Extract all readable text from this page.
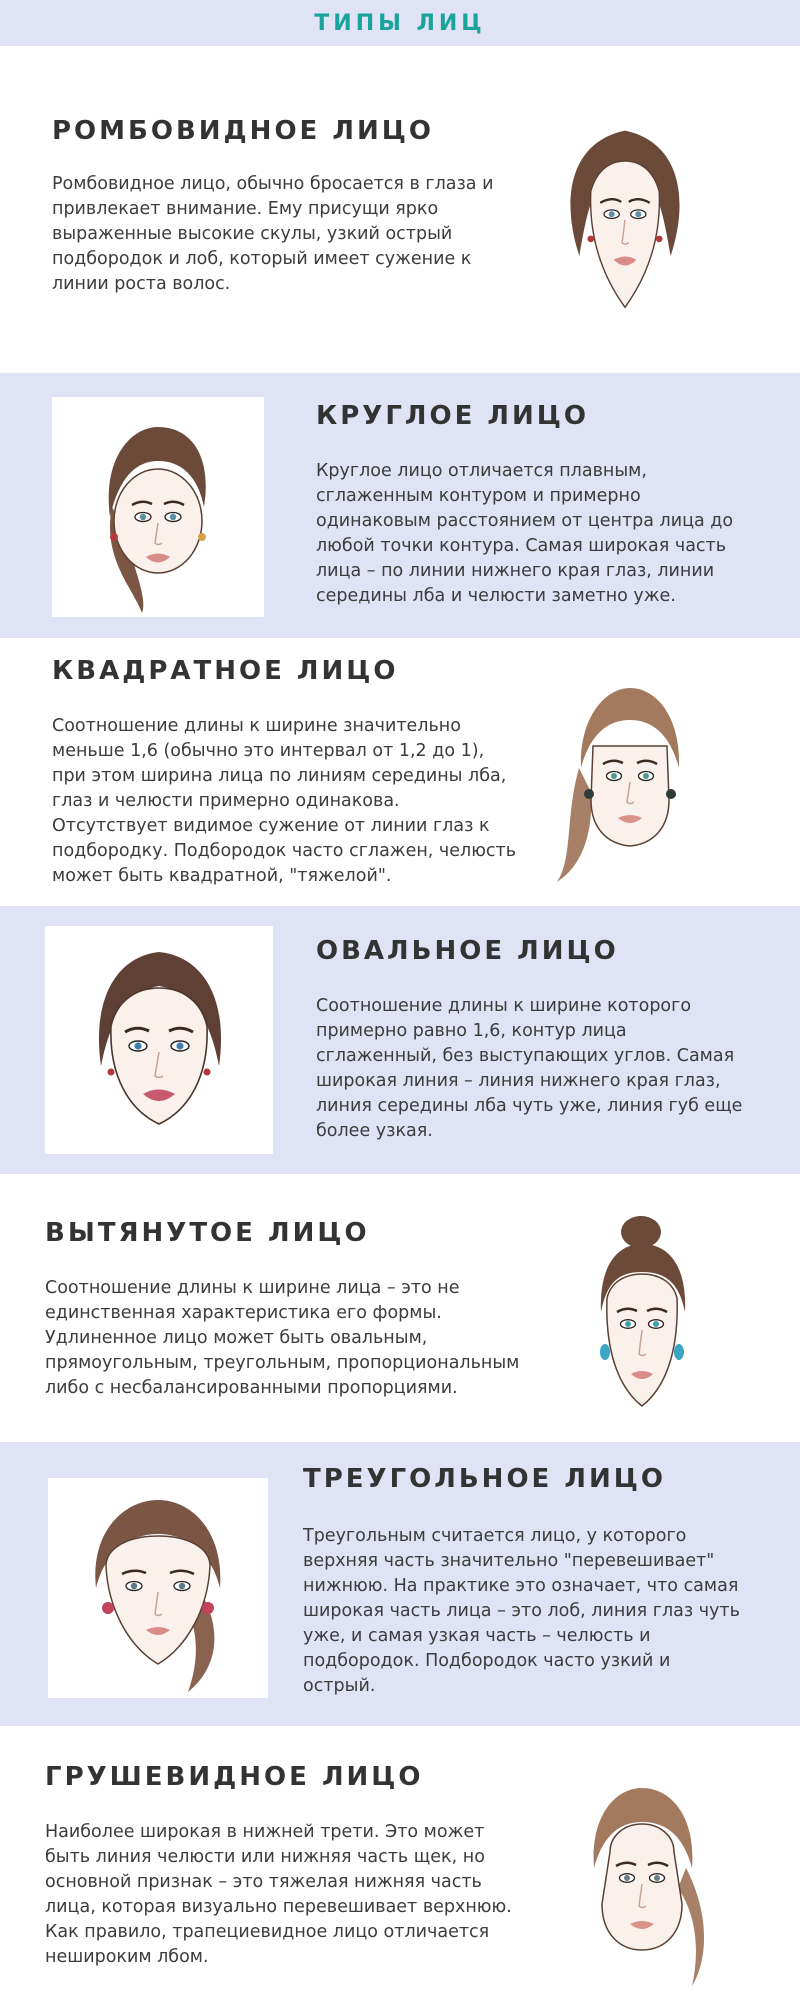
ТИПЫ ЛИЦ
РОМБОВИДНОЕ ЛИЦО

Ромбовидное лицо, обычно бросается в глаза и привлекает внимание. Ему присущи ярко выраженные высокие скулы, узкий острый подбородок и лоб, который имеет сужение к линии роста волос.

КРУГЛОЕ ЛИЦО

Круглое лицо отличается плавным, сглаженным контуром и примерно одинаковым расстоянием от центра лица до любой точки контура. Самая широкая часть лица – по линии нижнего края глаз, линии середины лба и челюсти заметно уже.

КВАДРАТНОЕ ЛИЦО

Соотношение длины к ширине значительно меньше 1,6 (обычно это интервал от 1,2 до 1), при этом ширина лица по линиям середины лба, глаз и челюсти примерно одинакова. Отсутствует видимое сужение от линии глаз к подбородку. Подбородок часто сглажен, челюсть может быть квадратной, "тяжелой".

ОВАЛЬНОЕ ЛИЦО

Соотношение длины к ширине которого примерно равно 1,6, контур лица сглаженный, без выступающих углов. Самая широкая линия – линия нижнего края глаз, линия середины лба чуть уже, линия губ еще более узкая.

ВЫТЯНУТОЕ ЛИЦО

Соотношение длины к ширине лица – это не единственная характеристика его формы. Удлиненное лицо может быть овальным, прямоугольным, треугольным, пропорциональным либо с несбалансированными пропорциями.

ТРЕУГОЛЬНОЕ ЛИЦО

Треугольным считается лицо, у которого верхняя часть значительно "перевешивает" нижнюю. На практике это означает, что самая широкая часть лица – это лоб, линия глаз чуть уже, и самая узкая часть – челюсть и подбородок. Подбородок часто узкий и острый.

ГРУШЕВИДНОЕ ЛИЦО

Наиболее широкая в нижней трети. Это может быть линия челюсти или нижняя часть щек, но основной признак – это тяжелая нижняя часть лица, которая визуально перевешивает верхнюю. Как правило, трапециевидное лицо отличается нешироким лбом.
